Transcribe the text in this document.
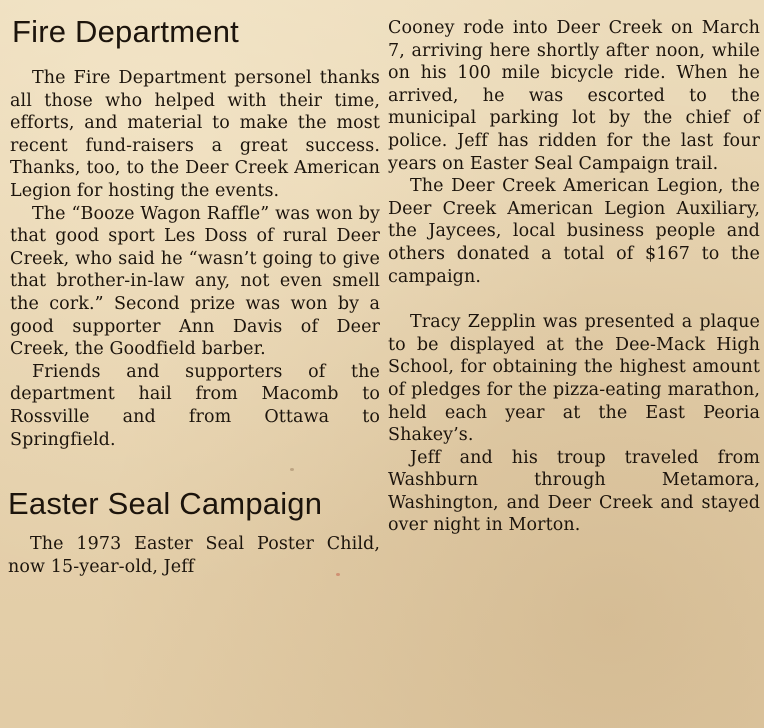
Fire Department

The Fire Department personel thanks all those who helped with their time, efforts, and material to make the most recent fund-raisers a great success. Thanks, too, to the Deer Creek American Legion for hosting the events.

The “Booze Wagon Raffle” was won by that good sport Les Doss of rural Deer Creek, who said he “wasn’t going to give that brother-in-law any, not even smell the cork.” Second prize was won by a good supporter Ann Davis of Deer Creek, the Goodfield barber.

Friends and supporters of the department hail from Macomb to Rossville and from Ottawa to Springfield.

Easter Seal Campaign

The 1973 Easter Seal Poster Child, now 15-year-old, Jeff

Cooney rode into Deer Creek on March 7, arriving here shortly after noon, while on his 100 mile bicycle ride. When he arrived, he was escorted to the municipal parking lot by the chief of police. Jeff has ridden for the last four years on Easter Seal Campaign trail.

The Deer Creek American Legion, the Deer Creek American Legion Auxiliary, the Jaycees, local business people and others donated a total of $167 to the campaign.

Tracy Zepplin was presented a plaque to be displayed at the Dee-Mack High School, for obtaining the highest amount of pledges for the pizza-eating marathon, held each year at the East Peoria Shakey’s.

Jeff and his troup traveled from Washburn through Metamora, Washington, and Deer Creek and stayed over night in Morton.
